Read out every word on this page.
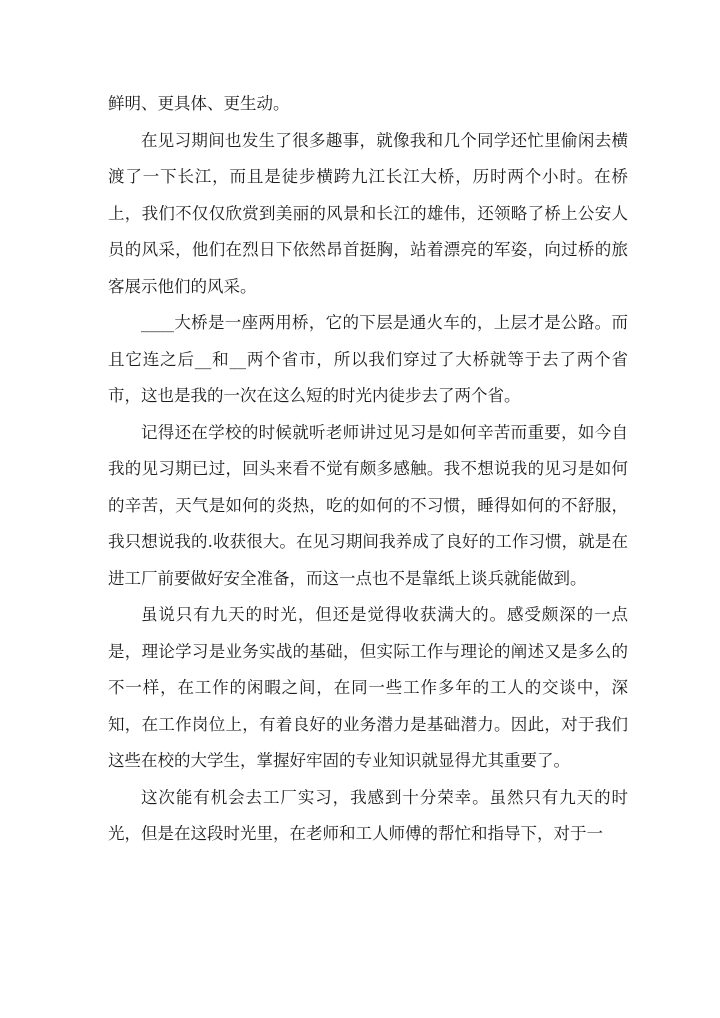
鲜明、更具体、更生动。

在见习期间也发生了很多趣事，就像我和几个同学还忙里偷闲去横渡了一下长江，而且是徒步横跨九江长江大桥，历时两个小时。在桥上，我们不仅仅欣赏到美丽的风景和长江的雄伟，还领略了桥上公安人员的风采，他们在烈日下依然昂首挺胸，站着漂亮的军姿，向过桥的旅客展示他们的风采。

____大桥是一座两用桥，它的下层是通火车的，上层才是公路。而且它连之后__和__两个省市，所以我们穿过了大桥就等于去了两个省市，这也是我的一次在这么短的时光内徒步去了两个省。

记得还在学校的时候就听老师讲过见习是如何辛苦而重要，如今自我的见习期已过，回头来看不觉有颇多感触。我不想说我的见习是如何的辛苦，天气是如何的炎热，吃的如何的不习惯，睡得如何的不舒服，我只想说我的.收获很大。在见习期间我养成了良好的工作习惯，就是在进工厂前要做好安全准备，而这一点也不是靠纸上谈兵就能做到。

虽说只有九天的时光，但还是觉得收获满大的。感受颇深的一点是，理论学习是业务实战的基础，但实际工作与理论的阐述又是多么的不一样，在工作的闲暇之间，在同一些工作多年的工人的交谈中，深知，在工作岗位上，有着良好的业务潜力是基础潜力。因此，对于我们这些在校的大学生，掌握好牢固的专业知识就显得尤其重要了。

这次能有机会去工厂实习，我感到十分荣幸。虽然只有九天的时光，但是在这段时光里，在老师和工人师傅的帮忙和指导下，对于一
